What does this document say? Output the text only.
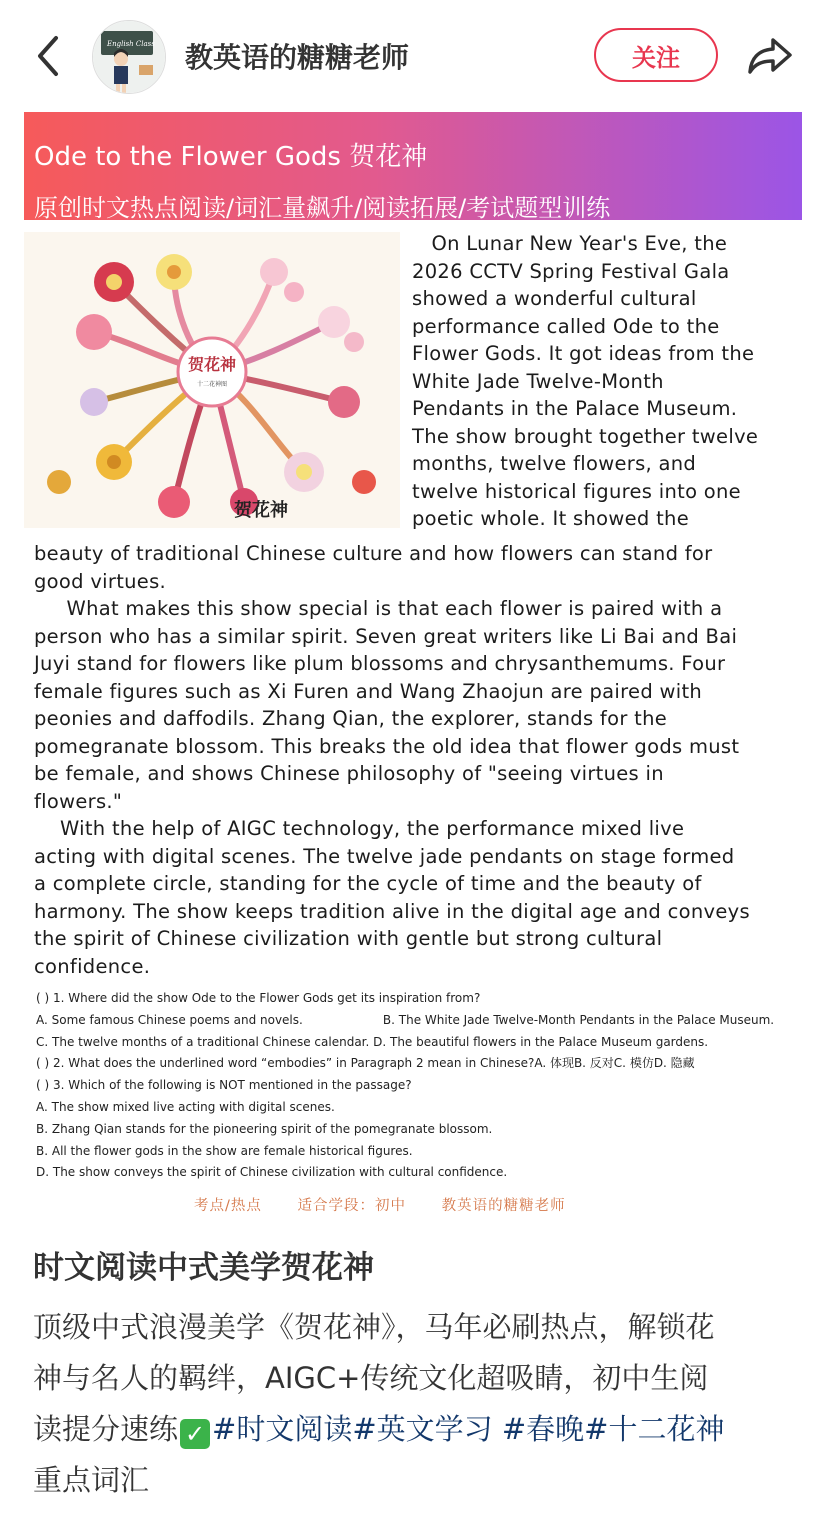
English Class 教英语的糖糖老师	关注
Ode to the Flower Gods 贺花神
原创时文热点阅读/词汇量飙升/阅读拓展/考试题型训练
贺花神
十二花神图
贺花神
On Lunar New Year's Eve, the
2026 CCTV Spring Festival Gala
showed a wonderful cultural
performance called Ode to the
Flower Gods. It got ideas from the
White Jade Twelve-Month
Pendants in the Palace Museum.
The show brought together twelve
months, twelve flowers, and
twelve historical figures into one
poetic whole. It showed the
beauty of traditional Chinese culture and how flowers can stand for
good virtues.
What makes this show special is that each flower is paired with a
person who has a similar spirit. Seven great writers like Li Bai and Bai
Juyi stand for flowers like plum blossoms and chrysanthemums. Four
female figures such as Xi Furen and Wang Zhaojun are paired with
peonies and daffodils. Zhang Qian, the explorer, stands for the
pomegranate blossom. This breaks the old idea that flower gods must
be female, and shows Chinese philosophy of "seeing virtues in
flowers."
With the help of AIGC technology, the performance mixed live
acting with digital scenes. The twelve jade pendants on stage formed
a complete circle, standing for the cycle of time and the beauty of
harmony. The show keeps tradition alive in the digital age and conveys
the spirit of Chinese civilization with gentle but strong cultural
confidence.
( ) 1. Where did the show Ode to the Flower Gods get its inspiration from?
A. Some famous Chinese poems and novels.                     B. The White Jade Twelve-Month Pendants in the Palace Museum.
C. The twelve months of a traditional Chinese calendar. D. The beautiful flowers in the Palace Museum gardens.
( ) 2. What does the underlined word “embodies” in Paragraph 2 mean in Chinese?A. 体现B. 反对C. 模仿D. 隐藏
( ) 3. Which of the following is NOT mentioned in the passage?
A. The show mixed live acting with digital scenes.
B. Zhang Qian stands for the pioneering spirit of the pomegranate blossom.
B. All the flower gods in the show are female historical figures.
D. The show conveys the spirit of Chinese civilization with cultural confidence.
考点/热点 适合学段：初中 教英语的糖糖老师
时文阅读中式美学贺花神
顶级中式浪漫美学《贺花神》，马年必刷热点，解锁花
神与名人的羁绊，AIGC+传统文化超吸睛，初中生阅
读提分速练 ✓ #时文阅读#英文学习 #春晚#十二花神
重点词汇
